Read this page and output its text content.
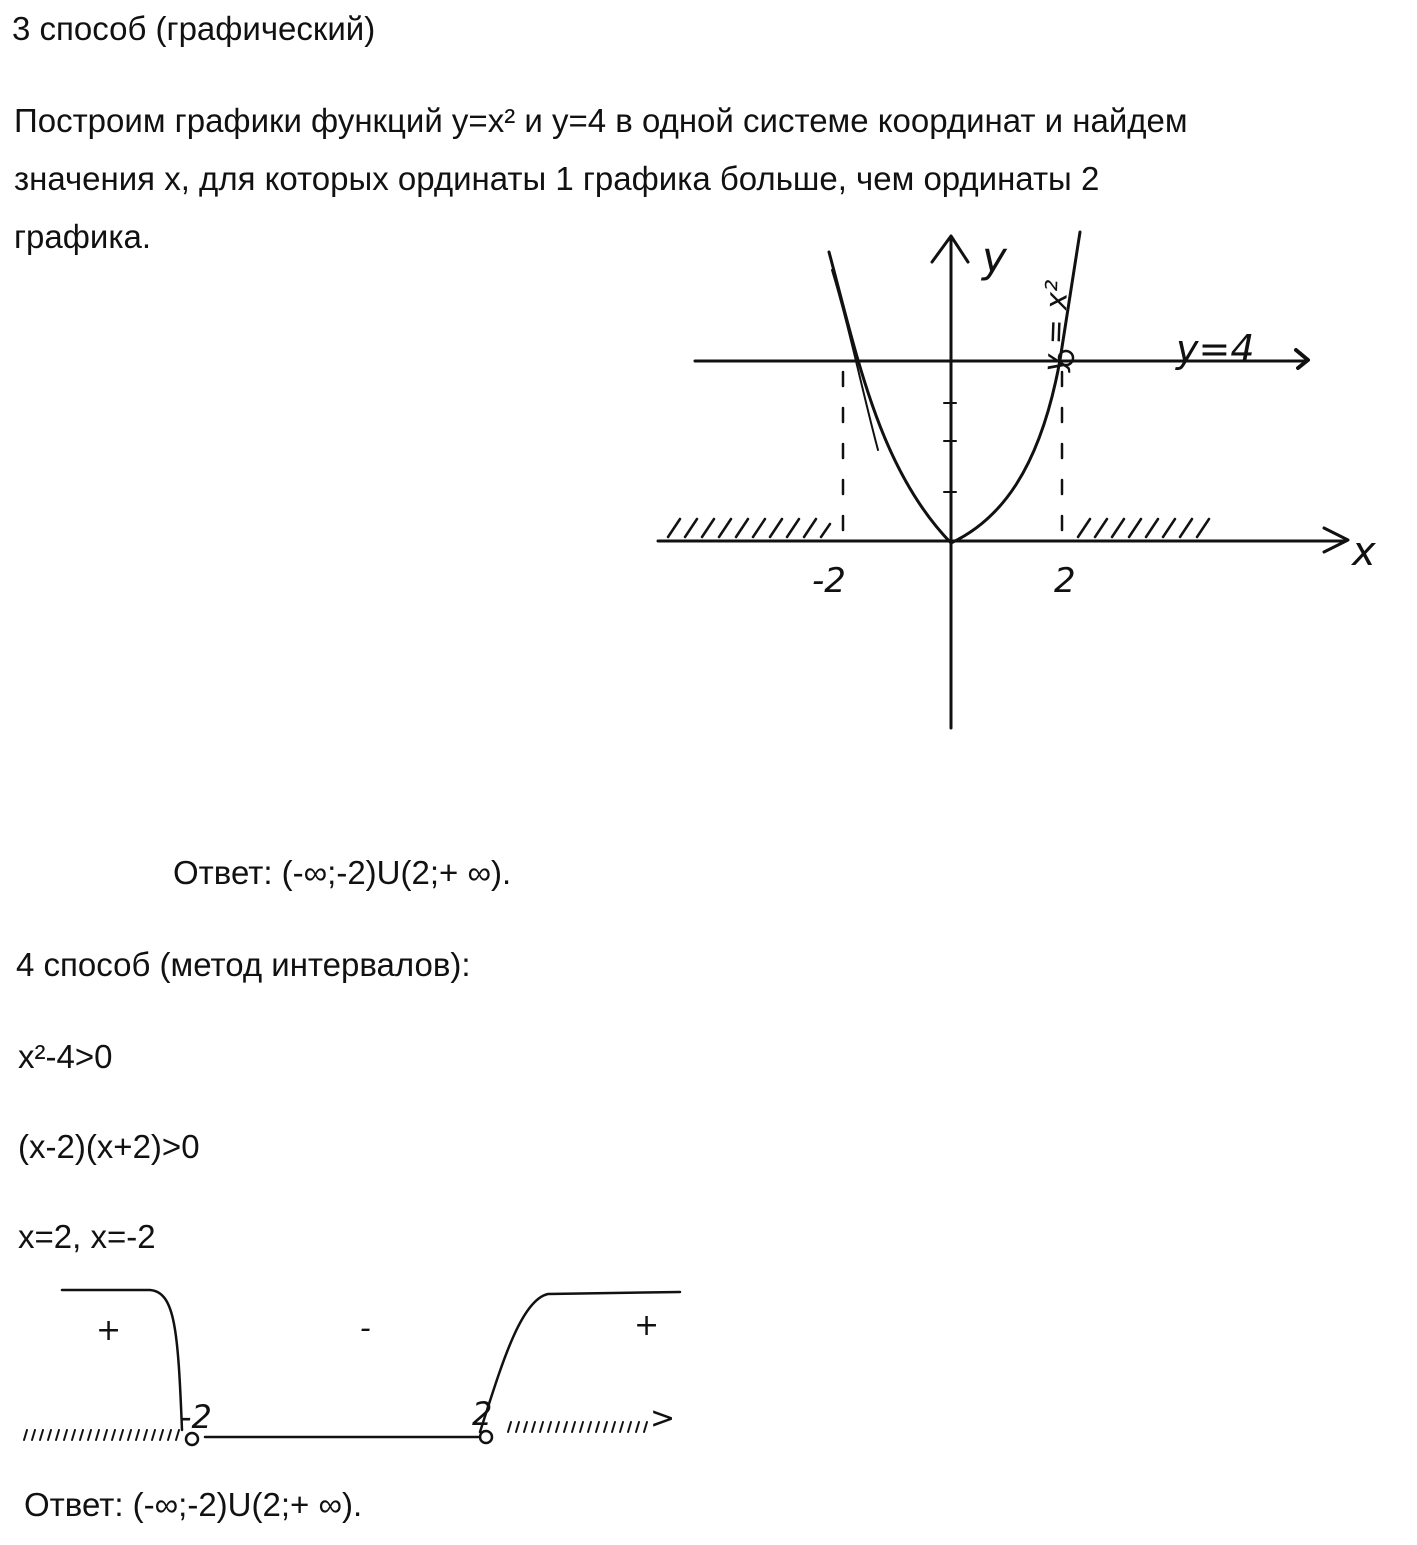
3 способ (графический)
Построим графики функций y=x² и y=4 в одной системе координат и найдем
значения x, для которых ординаты 1 графика больше, чем ординаты 2
графика.	y
x
y=4
-2	2
y = x²
Ответ: (-∞;-2)U(2;+ ∞).
4 способ (метод интервалов):
x²-4>0
(x-2)(x+2)>0
x=2, x=-2
+	-	+
-2	2	>
Ответ: (-∞;-2)U(2;+ ∞).
